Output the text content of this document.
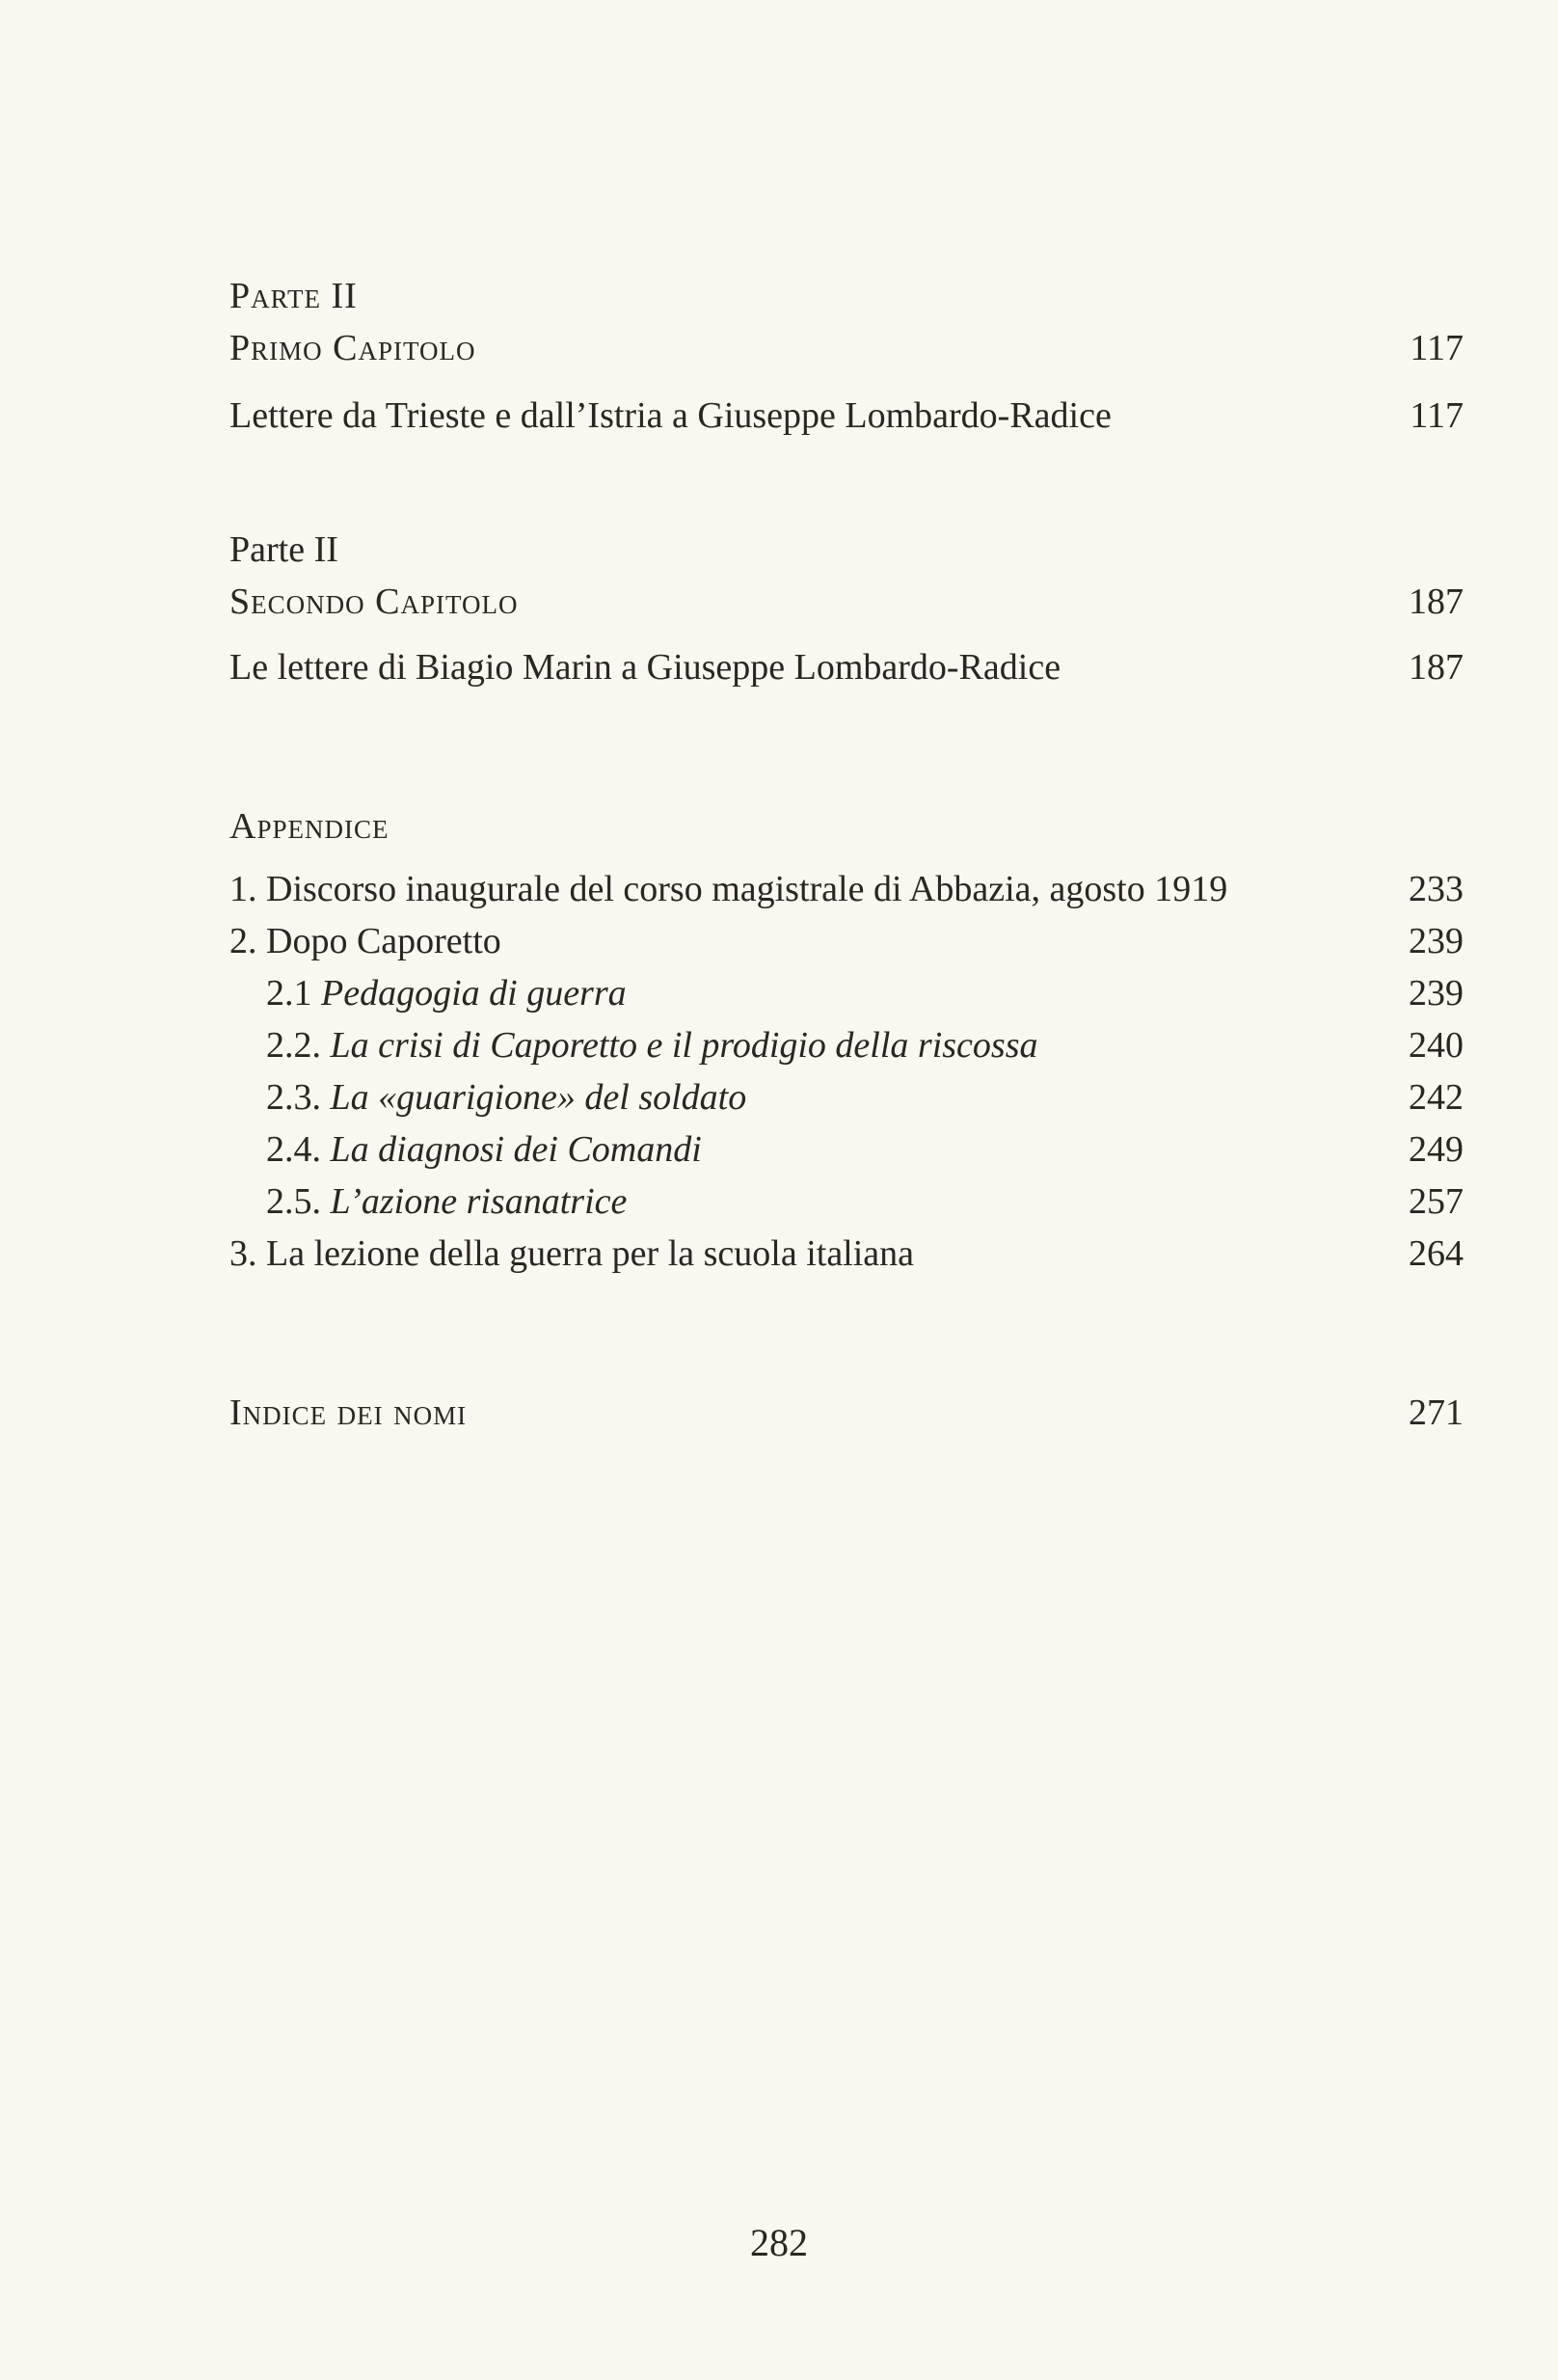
Parte II
Primo Capitolo	117
Lettere da Trieste e dall’Istria a Giuseppe Lombardo-Radice	117
Parte II
Secondo Capitolo	187
Le lettere di Biagio Marin a Giuseppe Lombardo-Radice	187
Appendice
1. Discorso inaugurale del corso magistrale di Abbazia, agosto 1919	233
2. Dopo Caporetto	239
2.1 Pedagogia di guerra	239
2.2. La crisi di Caporetto e il prodigio della riscossa	240
2.3. La «guarigione» del soldato	242
2.4. La diagnosi dei Comandi	249
2.5. L’azione risanatrice	257
3. La lezione della guerra per la scuola italiana	264
Indice dei nomi	271
282
